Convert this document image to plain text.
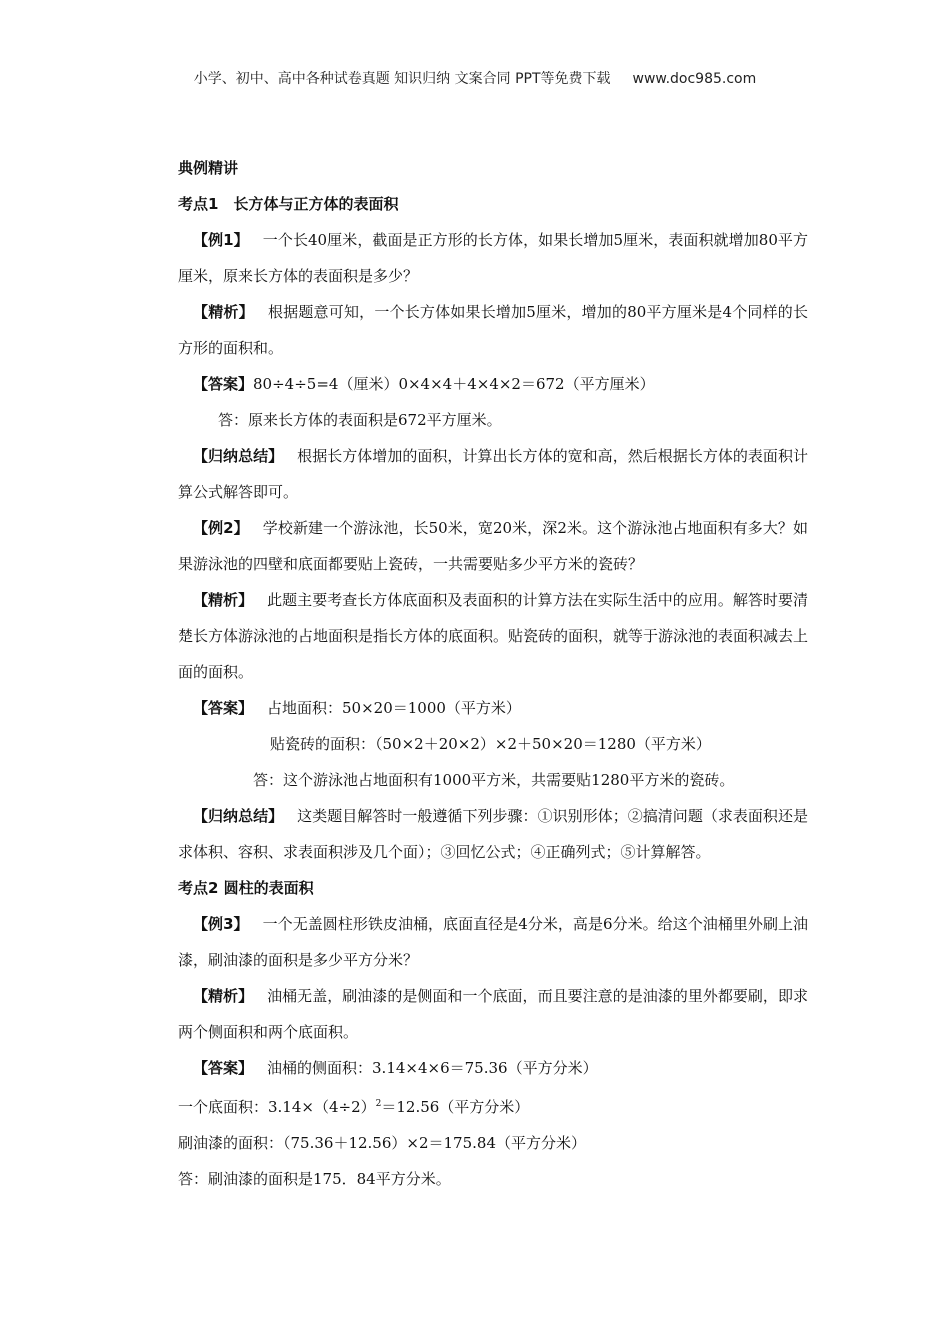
小学、初中、高中各种试卷真题 知识归纳 文案合同 PPT等免费下载 www.doc985.com
典例精讲
考点1　长方体与正方体的表面积

【例1】 一个长40厘米，截面是正方形的长方体，如果长增加5厘米，表面积就增加80平方厘米，原来长方体的表面积是多少？

【精析】 根据题意可知，一个长方体如果长增加5厘米，增加的80平方厘米是4个同样的长方形的面积和。

【答案】80÷4÷5=4（厘米）0×4×4＋4×4×2＝672（平方厘米）

答：原来长方体的表面积是672平方厘米。

【归纳总结】 根据长方体增加的面积，计算出长方体的宽和高，然后根据长方体的表面积计算公式解答即可。

【例2】 学校新建一个游泳池，长50米，宽20米，深2米。这个游泳池占地面积有多大？如果游泳池的四壁和底面都要贴上瓷砖，一共需要贴多少平方米的瓷砖？

【精析】 此题主要考查长方体底面积及表面积的计算方法在实际生活中的应用。解答时要清楚长方体游泳池的占地面积是指长方体的底面积。贴瓷砖的面积，就等于游泳池的表面积减去上面的面积。

【答案】 占地面积：50×20＝1000（平方米）

贴瓷砖的面积：（50×2＋20×2）×2＋50×20＝1280（平方米）

答：这个游泳池占地面积有1000平方米，共需要贴1280平方米的瓷砖。

【归纳总结】 这类题目解答时一般遵循下列步骤：①识别形体；②搞清问题（求表面积还是求体积、容积、求表面积涉及几个面）；③回忆公式；④正确列式；⑤计算解答。

考点2 圆柱的表面积

【例3】 一个无盖圆柱形铁皮油桶，底面直径是4分米，高是6分米。给这个油桶里外刷上油漆，刷油漆的面积是多少平方分米？

【精析】 油桶无盖，刷油漆的是侧面和一个底面，而且要注意的是油漆的里外都要刷，即求两个侧面积和两个底面积。

【答案】 油桶的侧面积：3.14×4×6＝75.36（平方分米）

一个底面积：$3.14\times(4\div 2)^2=12.56$（平方分米）

刷油漆的面积：（75.36＋12.56）×2＝175.84（平方分米）

答：刷油漆的面积是175．84平方分米。
